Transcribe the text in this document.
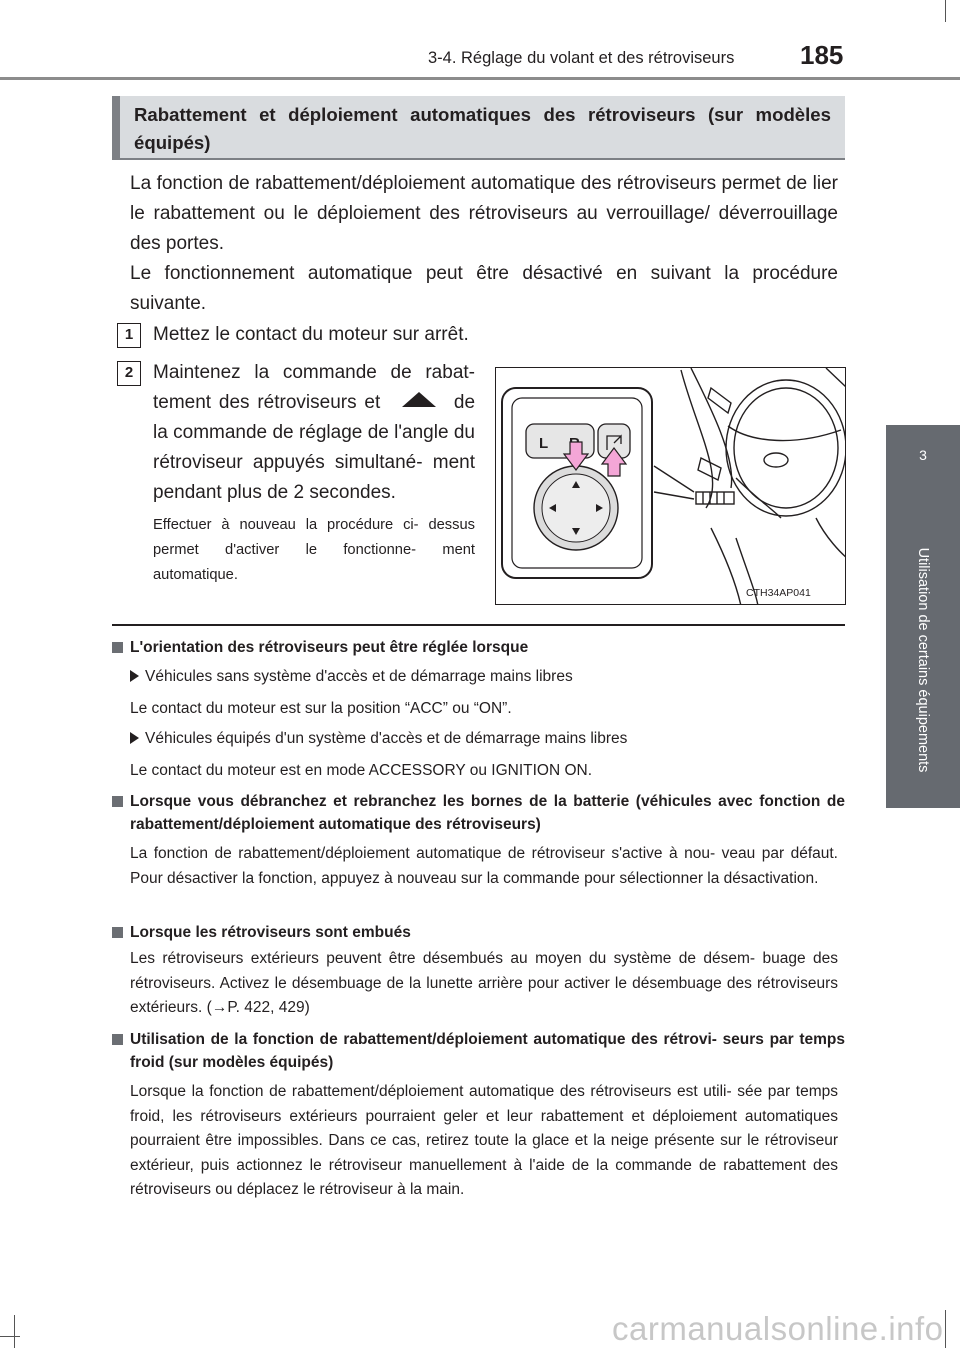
3-4. Réglage du volant et des rétroviseurs	185
3
Utilisation de certains équipements
Rabattement et déploiement automatiques des rétroviseurs (sur modèles équipés)
La fonction de rabattement/déploiement automatique des rétroviseurs permet de lier le rabattement ou le déploiement des rétroviseurs au verrouillage/ déverrouillage des portes.
Le fonctionnement automatique peut être désactivé en suivant la procédure suivante.
1	Mettez le contact du moteur sur arrêt.
2	Maintenez la commande de rabat- tement des rétroviseurs et	de la commande de réglage de l'angle du rétroviseur appuyés simultané- ment pendant plus de 2 secondes.
Effectuer à nouveau la procédure ci- dessus permet d'activer le fonctionne- ment automatique.
L
CTH34AP041
L'orientation des rétroviseurs peut être réglée lorsque
Véhicules sans système d'accès et de démarrage mains libres
Le contact du moteur est sur la position “ACC” ou “ON”.
Véhicules équipés d'un système d'accès et de démarrage mains libres
Le contact du moteur est en mode ACCESSORY ou IGNITION ON.
Lorsque vous débranchez et rebranchez les bornes de la batterie (véhicules avec fonction de rabattement/déploiement automatique des rétroviseurs)
La fonction de rabattement/déploiement automatique de rétroviseur s'active à nou- veau par défaut. Pour désactiver la fonction, appuyez à nouveau sur la commande pour sélectionner la désactivation.
Lorsque les rétroviseurs sont embués
Les rétroviseurs extérieurs peuvent être désembués au moyen du système de désem- buage des rétroviseurs. Activez le désembuage de la lunette arrière pour activer le désembuage des rétroviseurs extérieurs. (→P. 422, 429)
Utilisation de la fonction de rabattement/déploiement automatique des rétrovi- seurs par temps froid (sur modèles équipés)
Lorsque la fonction de rabattement/déploiement automatique des rétroviseurs est utili- sée par temps froid, les rétroviseurs extérieurs pourraient geler et leur rabattement et déploiement automatiques pourraient être impossibles. Dans ce cas, retirez toute la glace et la neige présente sur le rétroviseur extérieur, puis actionnez le rétroviseur manuellement à l'aide de la commande de rabattement des rétroviseurs ou déplacez le rétroviseur à la main.
carmanualsonline.info
